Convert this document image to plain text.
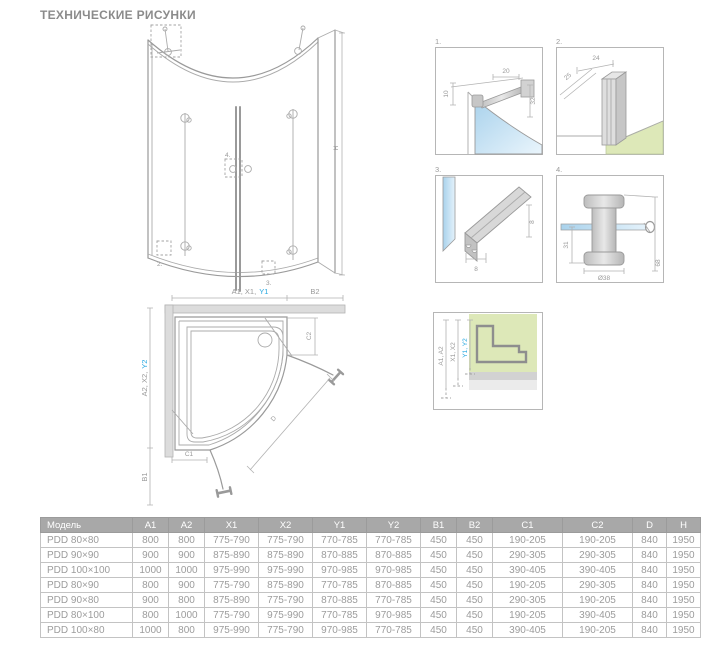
ТЕХНИЧЕСКИЕ РИСУНКИ
4.
2.
3.
H
A1, X1, Y1	B2
A2, X2,Y2
B1
C1
C2
D
1.
20
10
32
2.
24
25
3.
8
8
4.
31
Ø38
68
A1, A2 X1, X2 Y1, Y2
Модель	A1	A2	X1	X2	Y1	Y2	B1	B2	C1	C2	D	H
PDD 80×80	800	800	775-790	775-790	770-785	770-785	450	450	190-205	190-205	840	1950
PDD 90×90	900	900	875-890	875-890	870-885	870-885	450	450	290-305	290-305	840	1950
PDD 100×100	1000	1000	975-990	975-990	970-985	970-985	450	450	390-405	390-405	840	1950
PDD 80×90	800	900	775-790	875-890	770-785	870-885	450	450	190-205	290-305	840	1950
PDD 90×80	900	800	875-890	775-790	870-885	770-785	450	450	290-305	190-205	840	1950
PDD 80×100	800	1000	775-790	975-990	770-785	970-985	450	450	190-205	390-405	840	1950
PDD 100×80	1000	800	975-990	775-790	970-985	770-785	450	450	390-405	190-205	840	1950
